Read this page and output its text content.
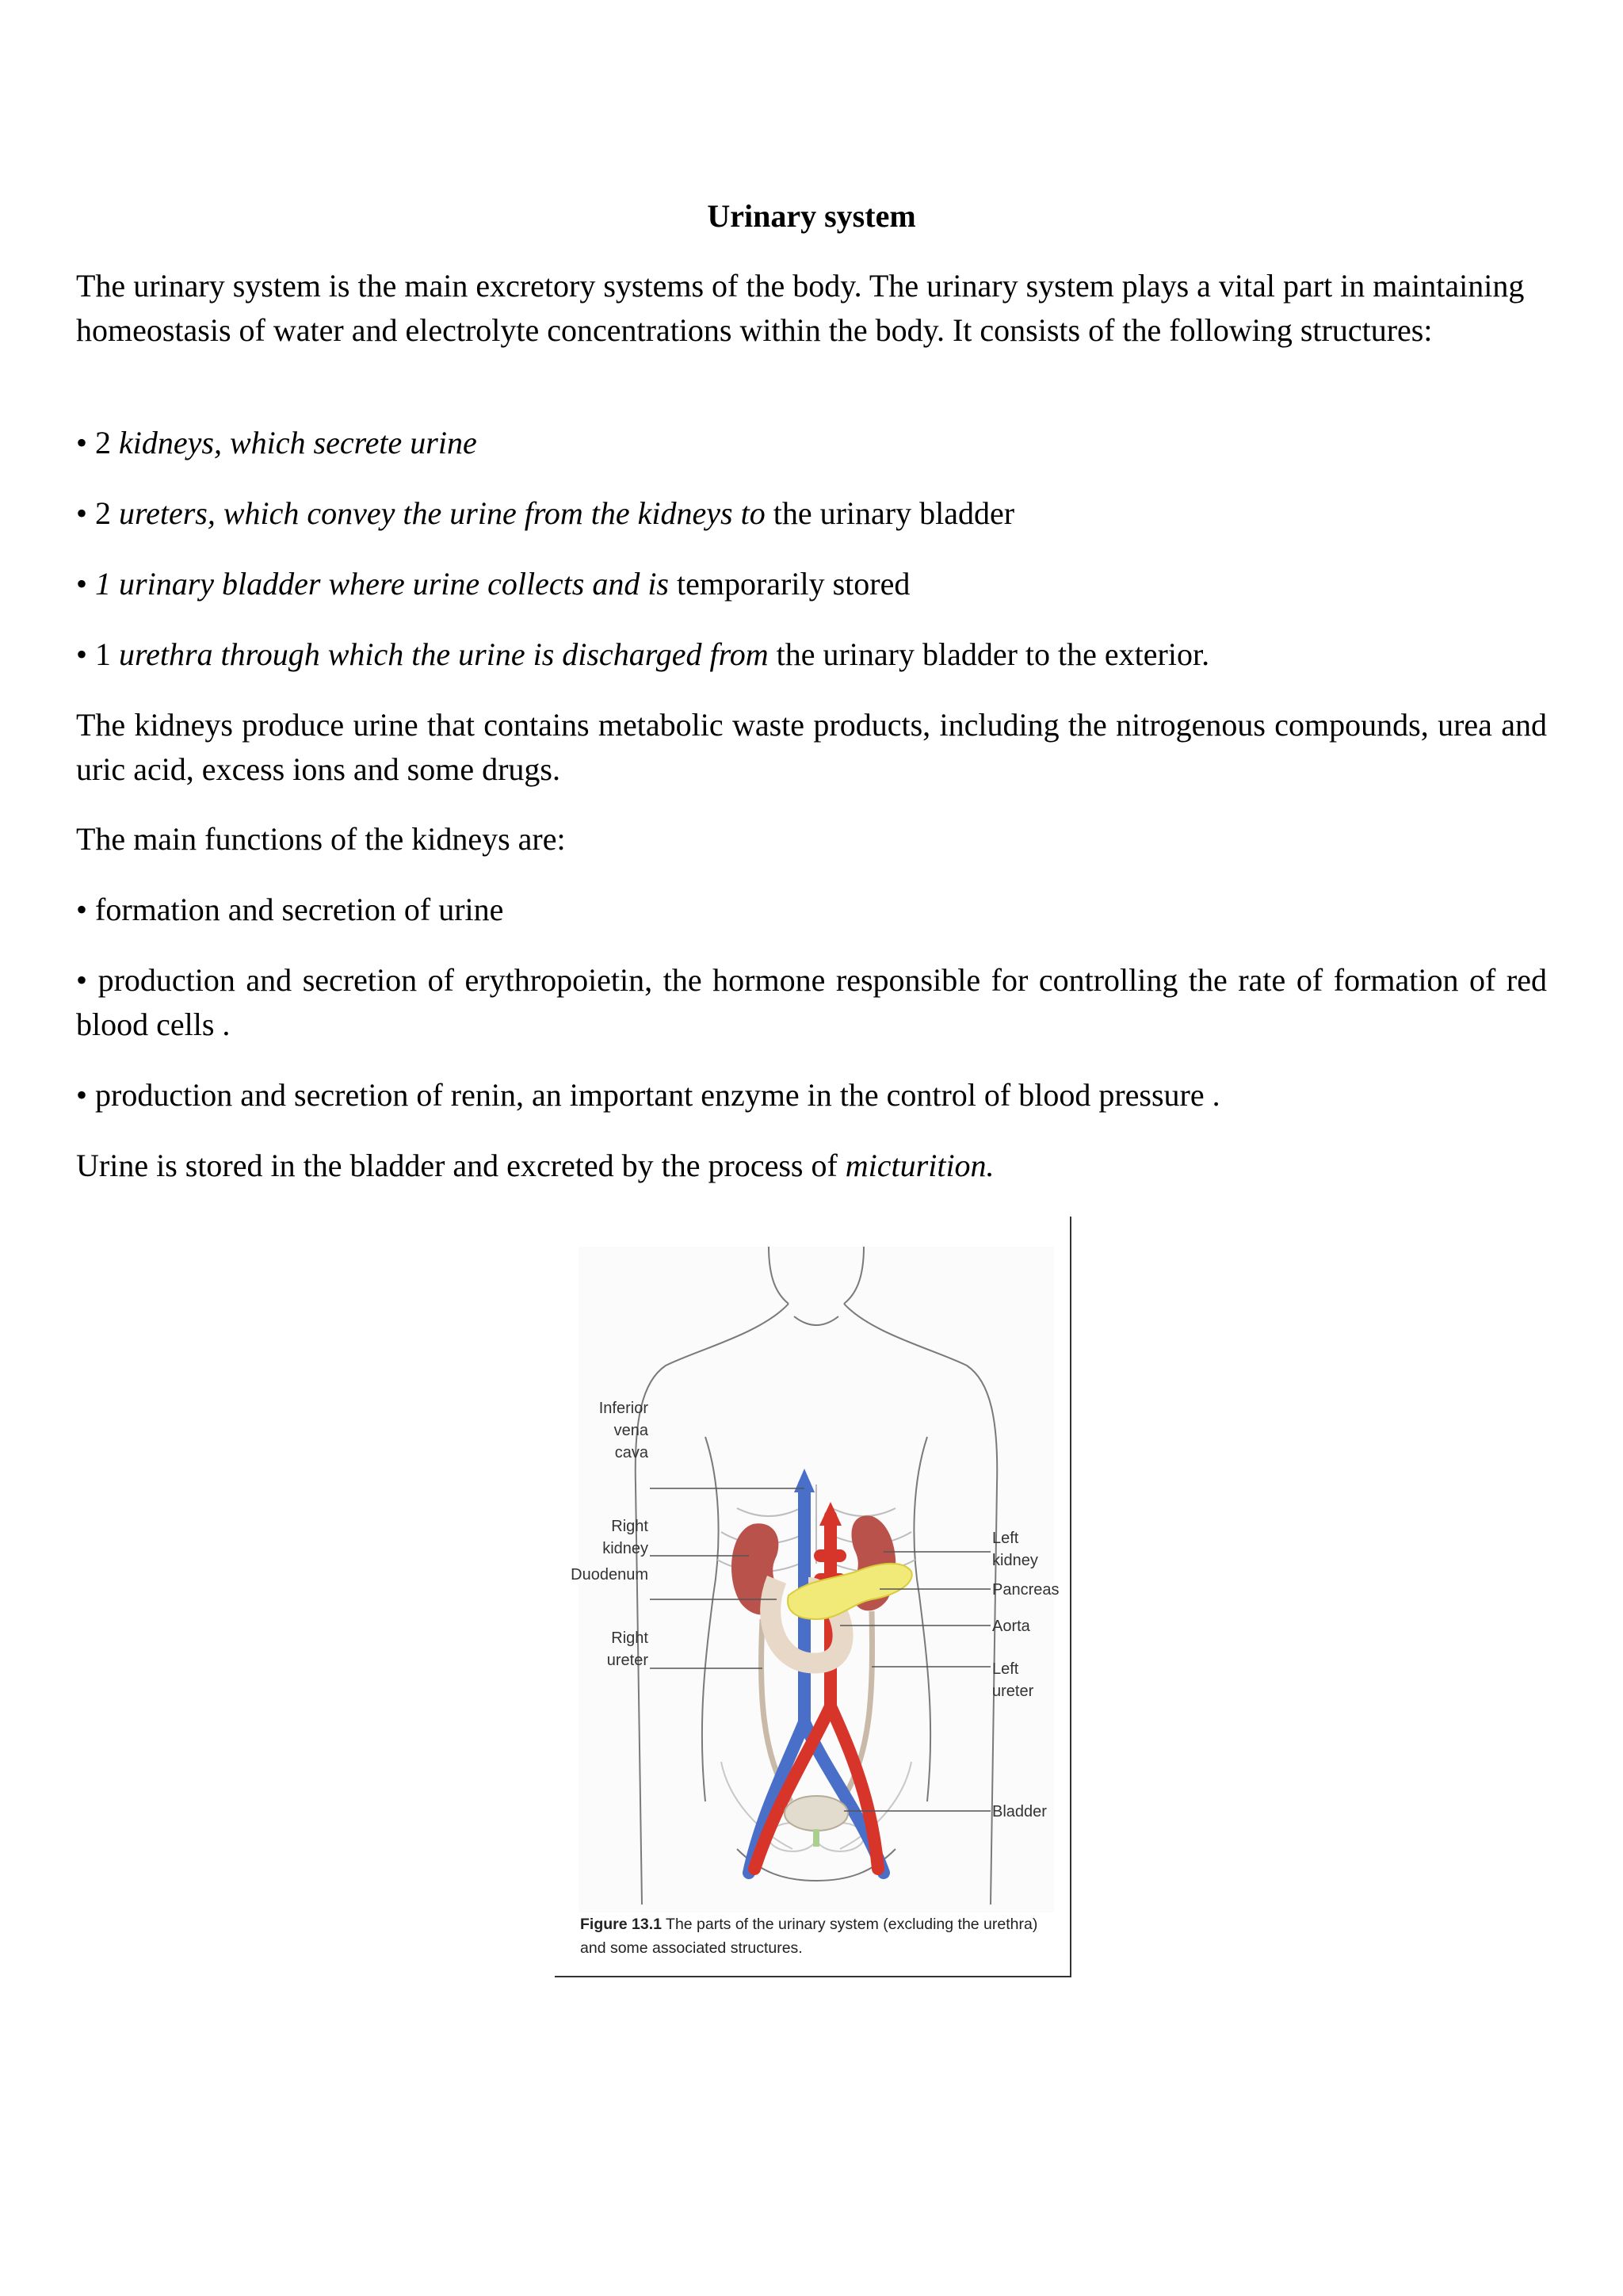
Urinary system

The urinary system is the main excretory systems of the body. The urinary system plays a vital part in maintaining homeostasis of water and electrolyte concentrations within the body. It consists of the following structures:

• 2 kidneys, which secrete urine

• 2 ureters, which convey the urine from the kidneys to the urinary bladder

• 1 urinary bladder where urine collects and is temporarily stored

• 1 urethra through which the urine is discharged from the urinary bladder to the exterior.

The kidneys produce urine that contains metabolic waste products, including the nitrogenous compounds, urea and uric acid, excess ions and some drugs.

The main functions of the kidneys are:

• formation and secretion of urine

• production and secretion of erythropoietin, the hormone responsible for controlling the rate of formation of red blood cells .

• production and secretion of renin, an important enzyme in the control of blood pressure .

Urine is stored in the bladder and excreted by the process of micturition.

Inferior
vena
cava
Right
kidney
Duodenum
Right
ureter
Left
kidney
Pancreas
Aorta
Left
ureter
Bladder
Figure 13.1 The parts of the urinary system (excluding the urethra) and some associated structures.
